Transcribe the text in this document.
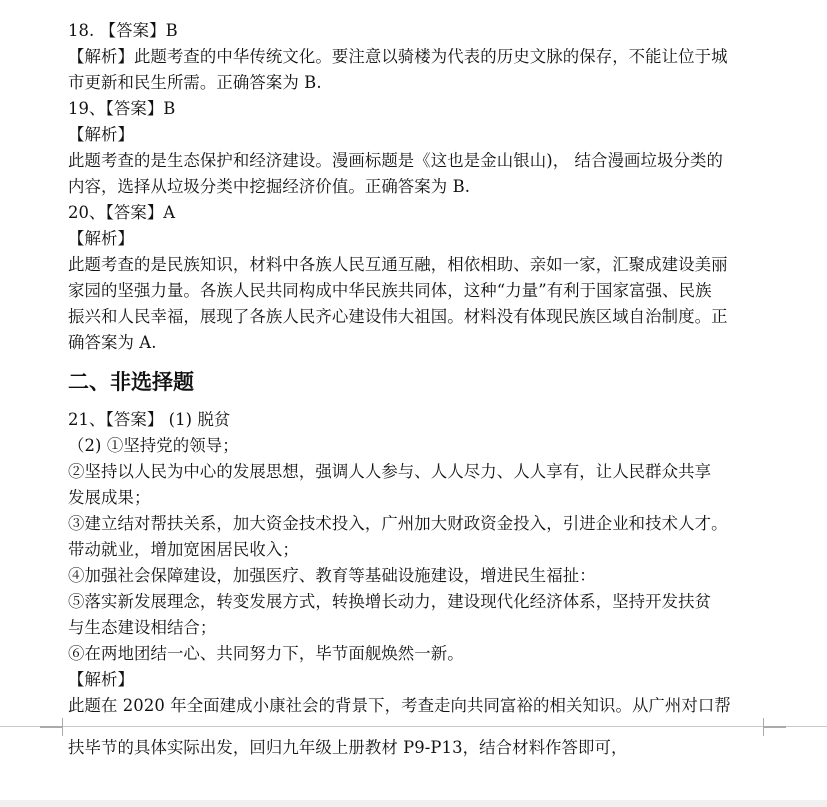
18. 【答案】B
【解析】此题考查的中华传统文化。要注意以骑楼为代表的历史文脉的保存，不能让位于城
市更新和民生所需。正确答案为 B.
19、【答案】B
【解析】
此题考查的是生态保护和经济建设。漫画标题是《这也是金山银山)， 结合漫画垃圾分类的
内容，选择从垃圾分类中挖掘经济价值。正确答案为 B.
20、【答案】A
【解析】
此题考查的是民族知识，材料中各族人民互通互融，相依相助、亲如一家，汇聚成建设美丽
家园的坚强力量。各族人民共同构成中华民族共同体，这种“力量”有利于国家富强、民族
振兴和人民幸福，展现了各族人民齐心建设伟大祖国。材料没有体现民族区域自治制度。正
确答案为 A.
二、非选择题
21、【答案】 (1) 脱贫
（2) ①坚持党的领导；
②坚持以人民为中心的发展思想，强调人人参与、人人尽力、人人享有，让人民群众共享
发展成果；
③建立结对帮扶关系，加大资金技术投入，广州加大财政资金投入，引进企业和技术人才。
带动就业，增加宽困居民收入；
④加强社会保障建设，加强医疗、教育等基础设施建设，增进民生福扯：
⑤落实新发展理念，转变发展方式，转换增长动力，建设现代化经济体系，坚持开发扶贫
与生态建设相结合；
⑥在两地团结一心、共同努力下，毕节面舰焕然一新。
【解析】
此题在 2020 年全面建成小康社会的背景下，考查走向共同富裕的相关知识。从广州对口帮
扶毕节的具体实际出发，回归九年级上册教材 P9-P13，结合材料作答即可，
